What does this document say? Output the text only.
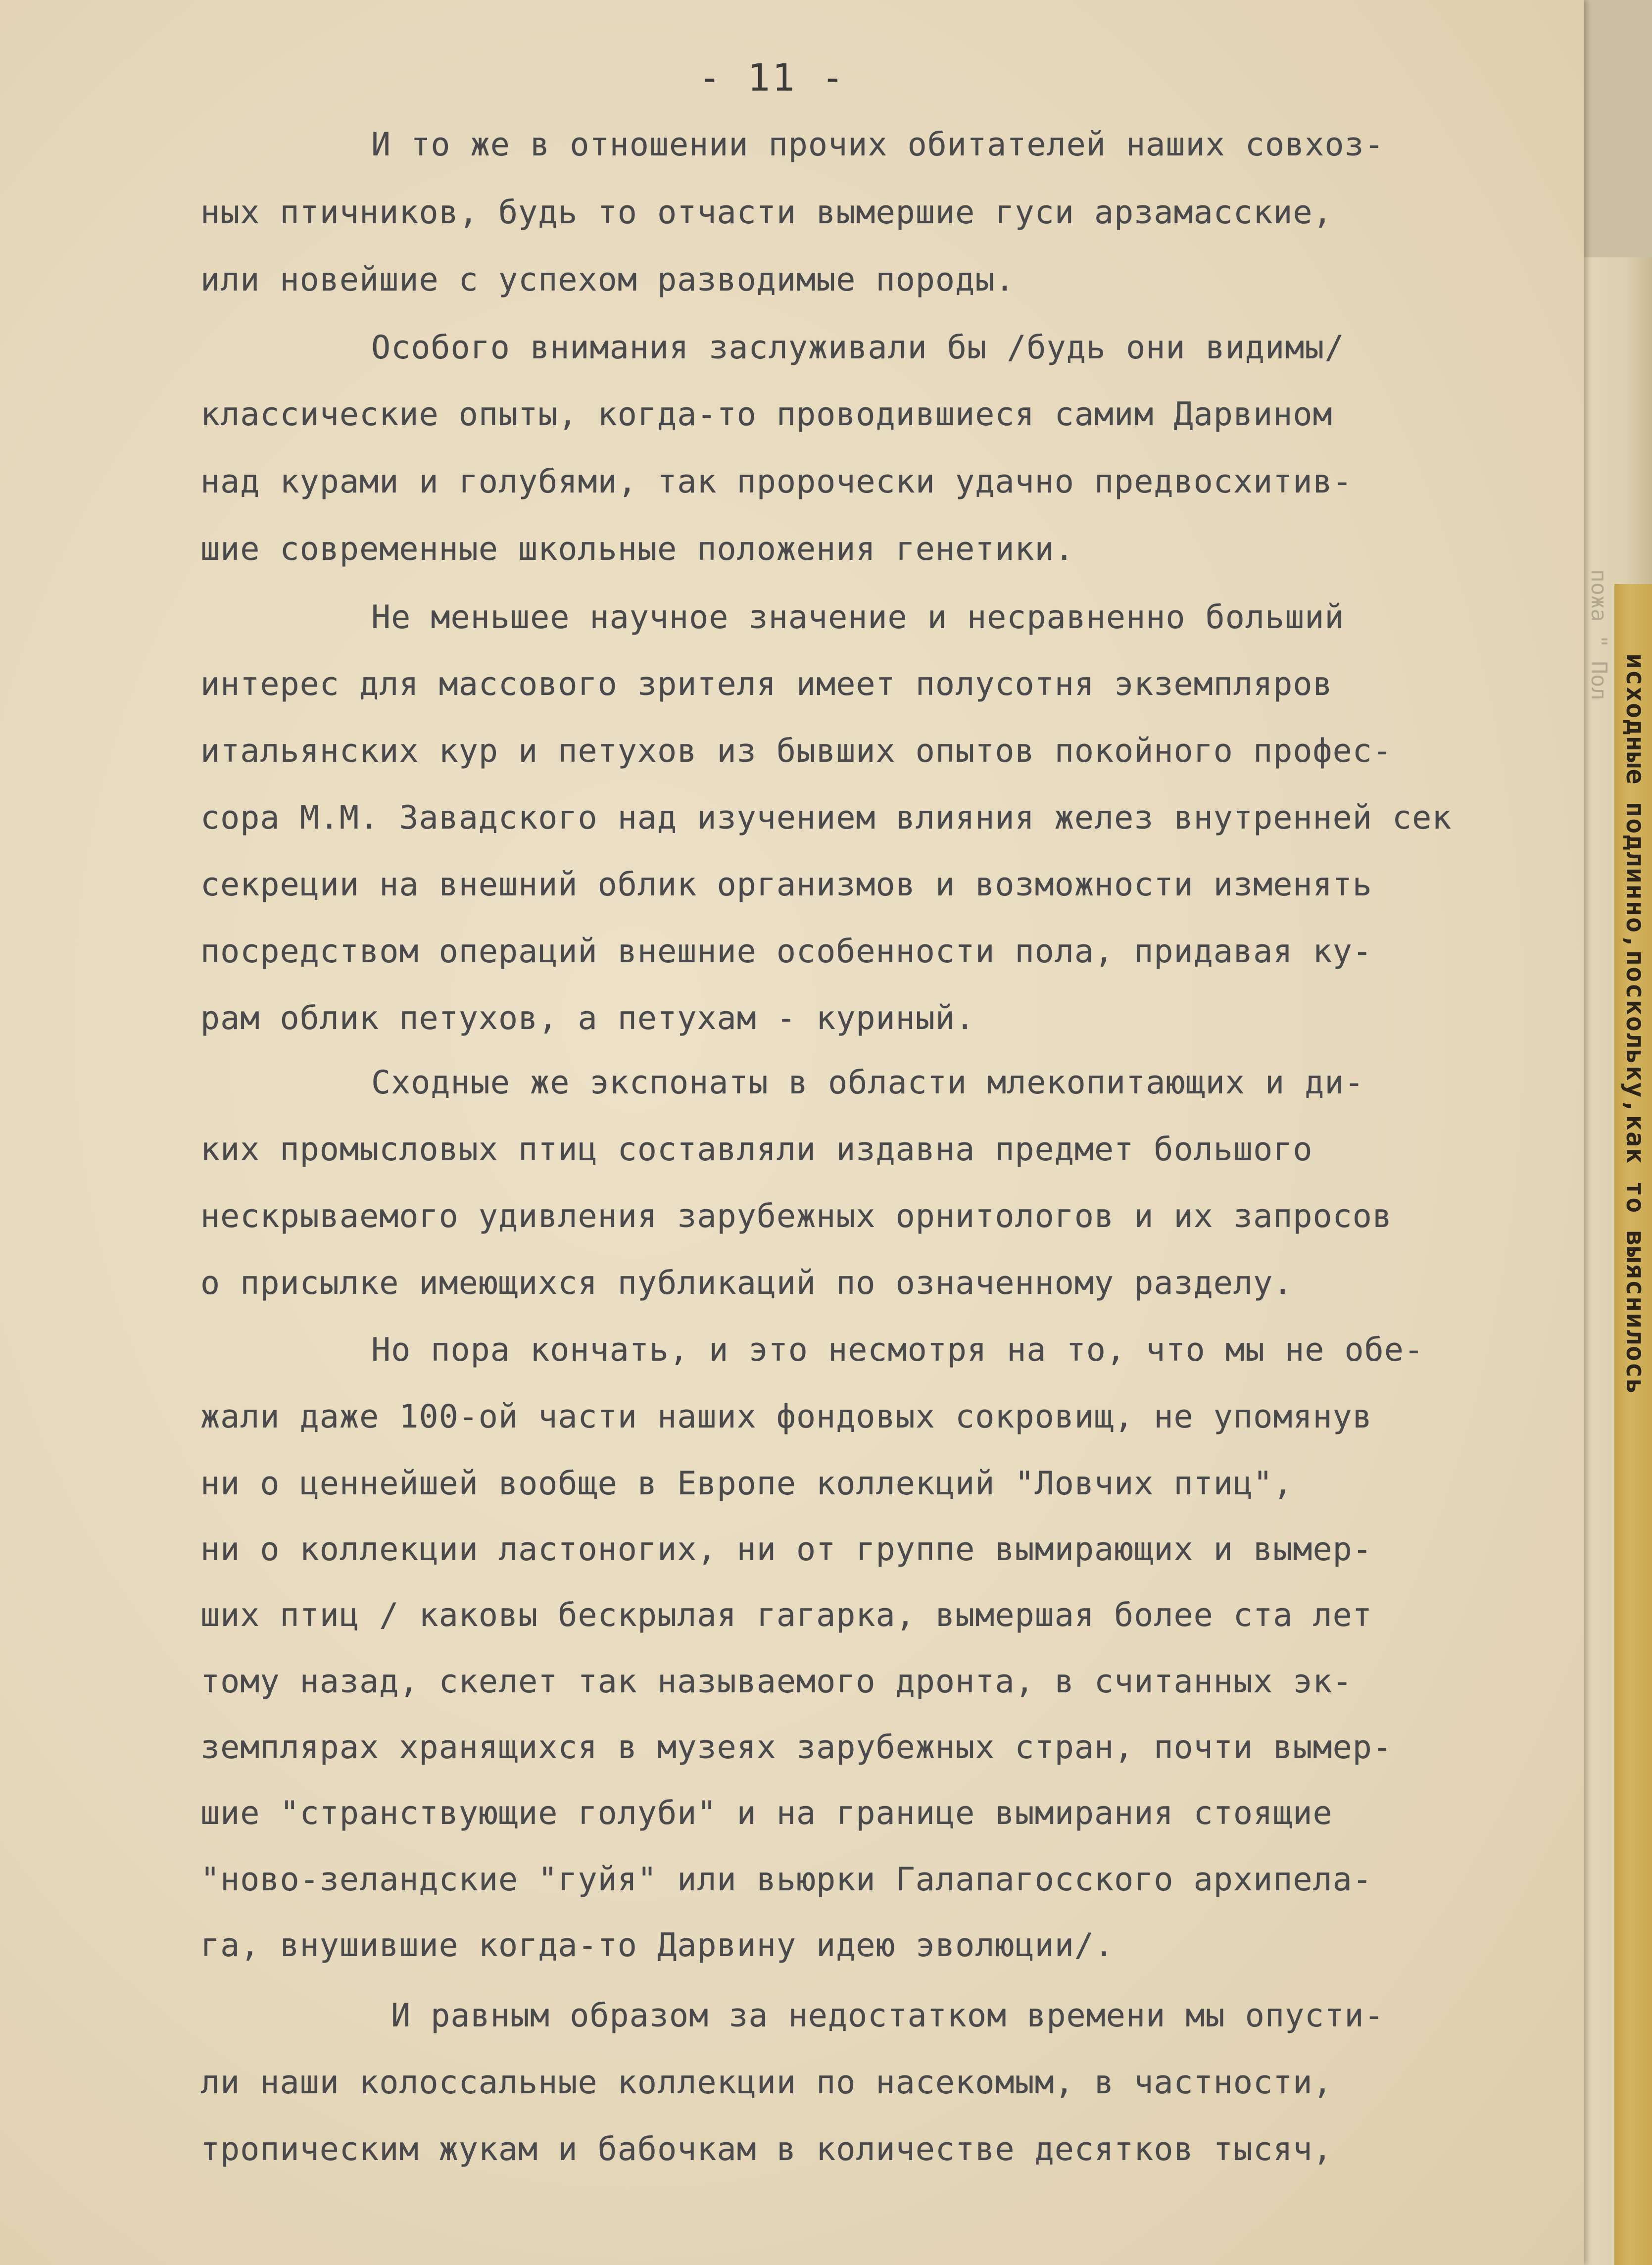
исходные подлинно,поскольку,как то выяснилось
пожа " Пол
- 11 -
И то же в отношении прочих обитателей наших совхоз-
ных птичников, будь то отчасти вымершие гуси арзамасские,
или новейшие с успехом разводимые породы.
Особого внимания заслуживали бы /будь они видимы/
классические опыты, когда-то проводившиеся самим Дарвином
над курами и голубями, так пророчески удачно предвосхитив-
шие современные школьные положения генетики.
Не меньшее научное значение и несравненно больший
интерес для массового зрителя имеет полусотня экземпляров
итальянских кур и петухов из бывших опытов покойного профес-
сора М.М. Завадского над изучением влияния желез внутренней сек
секреции на внешний облик организмов и возможности изменять
посредством операций внешние особенности пола, придавая ку-
рам облик петухов, а петухам - куриный.
Сходные же экспонаты в области млекопитающих и ди-
ких промысловых птиц составляли издавна предмет большого
нескрываемого удивления зарубежных орнитологов и их запросов
о присылке имеющихся публикаций по означенному разделу.
Но пора кончать, и это несмотря на то, что мы не обе-
жали даже 100-ой части наших фондовых сокровищ, не упомянув
ни о ценнейшей вообще в Европе коллекций "Ловчих птиц",
ни о коллекции ластоногих, ни от группе вымирающих и вымер-
ших птиц / каковы бескрылая гагарка, вымершая более ста лет
тому назад, скелет так называемого дронта, в считанных эк-
земплярах хранящихся в музеях зарубежных стран, почти вымер-
шие "странствующие голуби" и на границе вымирания стоящие
"ново-зеландские "гуйя" или вьюрки Галапагосского архипела-
га, внушившие когда-то Дарвину идею эволюции/.
И равным образом за недостатком времени мы опусти-
ли наши колоссальные коллекции по насекомым, в частности,
тропическим жукам и бабочкам в количестве десятков тысяч,
